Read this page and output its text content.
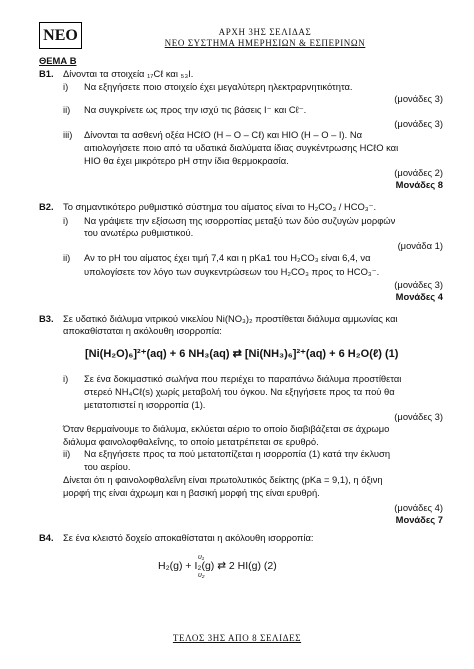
ΝΕΟ	ΑΡΧΗ 3ΗΣ ΣΕΛΙΔΑΣ
ΝΕΟ ΣΥΣΤΗΜΑ ΗΜΕΡΗΣΙΩΝ & ΕΣΠΕΡΙΝΩΝ
ΘΕΜΑ Β
Β1. Δίνονται τα στοιχεία ₁₇Cℓ και ₅₃Ι.
i) Να εξηγήσετε ποιο στοιχείο έχει μεγαλύτερη ηλεκτραρνητικότητα.
(μονάδες 3)
ii) Να συγκρίνετε ως προς την ισχύ τις βάσεις I⁻ και Cℓ⁻.
(μονάδες 3)
iii) Δίνονται τα ασθενή οξέα HCℓO (H – O – Cℓ) και HIO (H – O – I). Να
αιτιολογήσετε ποιο από τα υδατικά διαλύματα ίδιας συγκέντρωσης HCℓO και
HIO θα έχει μικρότερο pH στην ίδια θερμοκρασία.
(μονάδες 2)
Μονάδες 8
Β2. Το σημαντικότερο ρυθμιστικό σύστημα του αίματος είναι το H₂CO₃ / HCO₃⁻.
i) Να γράψετε την εξίσωση της ισορροπίας μεταξύ των δύο συζυγών μορφών
του ανωτέρω ρυθμιστικού.
(μονάδα 1)
ii) Αν το pH του αίματος έχει τιμή 7,4 και η pKa1 του H₂CO₃ είναι 6,4, να
υπολογίσετε τον λόγο των συγκεντρώσεων του H₂CO₃ προς το HCO₃⁻.
(μονάδες 3)
Μονάδες 4
Β3. Σε υδατικό διάλυμα νιτρικού νικελίου Ni(NO₃)₂ προστίθεται διάλυμα αμμωνίας και
αποκαθίσταται η ακόλουθη ισορροπία:
[Ni(H₂O)₆]²⁺(aq) + 6 NH₃(aq) ⇄ [Ni(NH₃)₆]²⁺(aq) + 6 H₂O(ℓ) (1)
i) Σε ένα δοκιμαστικό σωλήνα που περιέχει το παραπάνω διάλυμα προστίθεται
στερεό NH₄Cℓ(s) χωρίς μεταβολή του όγκου. Να εξηγήσετε προς τα πού θα
μετατοπιστεί η ισορροπία (1).
(μονάδες 3)
Όταν θερμαίνουμε το διάλυμα, εκλύεται αέριο το οποίο διαβιβάζεται σε άχρωμο
διάλυμα φαινολοφθαλεΐνης, το οποίο μετατρέπεται σε ερυθρό.
ii) Να εξηγήσετε προς τα πού μετατοπίζεται η ισορροπία (1) κατά την έκλυση
του αερίου.
Δίνεται ότι η φαινολοφθαλεΐνη είναι πρωτολυτικός δείκτης (pKa = 9,1), η όξινη
μορφή της είναι άχρωμη και η βασική μορφή της είναι ερυθρή.
(μονάδες 4)
Μονάδες 7
Β4. Σε ένα κλειστό δοχείο αποκαθίσταται η ακόλουθη ισορροπία:
υ₁
υ₂
H₂(g) + I₂(g) ⇄ 2 HI(g) (2)
ΤΕΛΟΣ 3ΗΣ ΑΠΟ 8 ΣΕΛΙΔΕΣ
